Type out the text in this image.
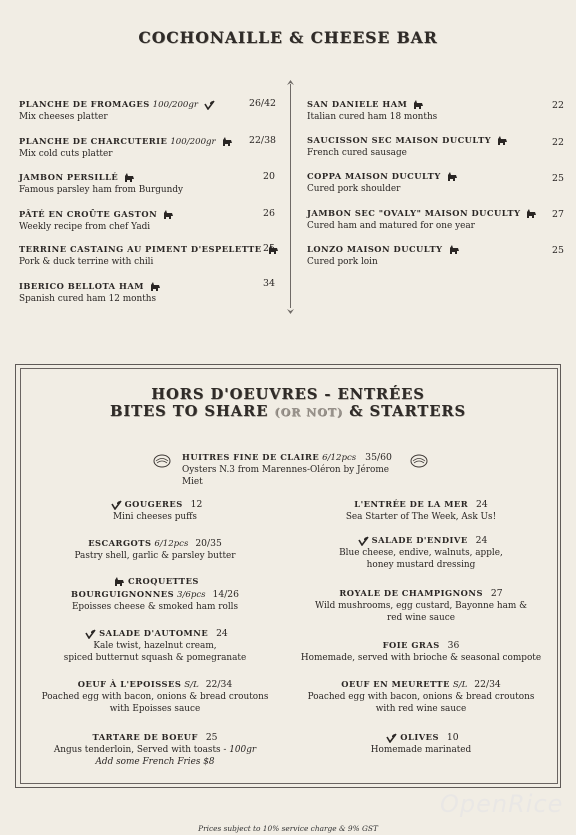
COCHONAILLE & CHEESE BAR
PLANCHE DE FROMAGES 100/200gr
Mix cheeses platter
26/42
PLANCHE DE CHARCUTERIE 100/200gr
Mix cold cuts platter
22/38
JAMBON PERSILLÉ
Famous parsley ham from Burgundy
20
PÂTÉ EN CROÛTE GASTON
Weekly recipe from chef Yadi
26
TERRINE CASTAING AU PIMENT D'ESPELETTE
Pork & duck terrine with chili
25
IBERICO BELLOTA HAM
Spanish cured ham 12 months
34
SAN DANIELE HAM
Italian cured ham 18 months
22
SAUCISSON SEC MAISON DUCULTY
French cured sausage
22
COPPA MAISON DUCULTY
Cured pork shoulder
25
JAMBON SEC "OVALY" MAISON DUCULTY
Cured ham and matured for one year
27
LONZO MAISON DUCULTY
Cured pork loin
25
HORS D'OEUVRES - ENTRÉES
BITES TO SHARE (OR NOT) & STARTERS
HUITRES FINE DE CLAIRE 6/12pcs 35/60
Oysters N.3 from Marennes-Oléron by Jérome Miet
GOUGERES 12
Mini cheeses puffs
ESCARGOTS 6/12pcs 20/35
Pastry shell, garlic & parsley butter
CROQUETTES
BOURGUIGNONNES 3/6pcs 14/26
Epoisses cheese & smoked ham rolls
SALADE D'AUTOMNE 24
Kale twist, hazelnut cream,
spiced butternut squash & pomegranate
OEUF À L'EPOISSES S/L 22/34
Poached egg with bacon, onions & bread croutons
with Epoisses sauce
TARTARE DE BOEUF 25
Angus tenderloin, Served with toasts - 100gr
Add some French Fries $8
L'ENTRÉE DE LA MER 24
Sea Starter of The Week, Ask Us!
SALADE D'ENDIVE 24
Blue cheese, endive, walnuts, apple,
honey mustard dressing
ROYALE DE CHAMPIGNONS 27
Wild mushrooms, egg custard, Bayonne ham &
red wine sauce
FOIE GRAS 36
Homemade, served with brioche & seasonal compote
OEUF EN MEURETTE S/L 22/34
Poached egg with bacon, onions & bread croutons
with red wine sauce
OLIVES 10
Homemade marinated
OpenRice
Prices subject to 10% service charge & 9% GST
